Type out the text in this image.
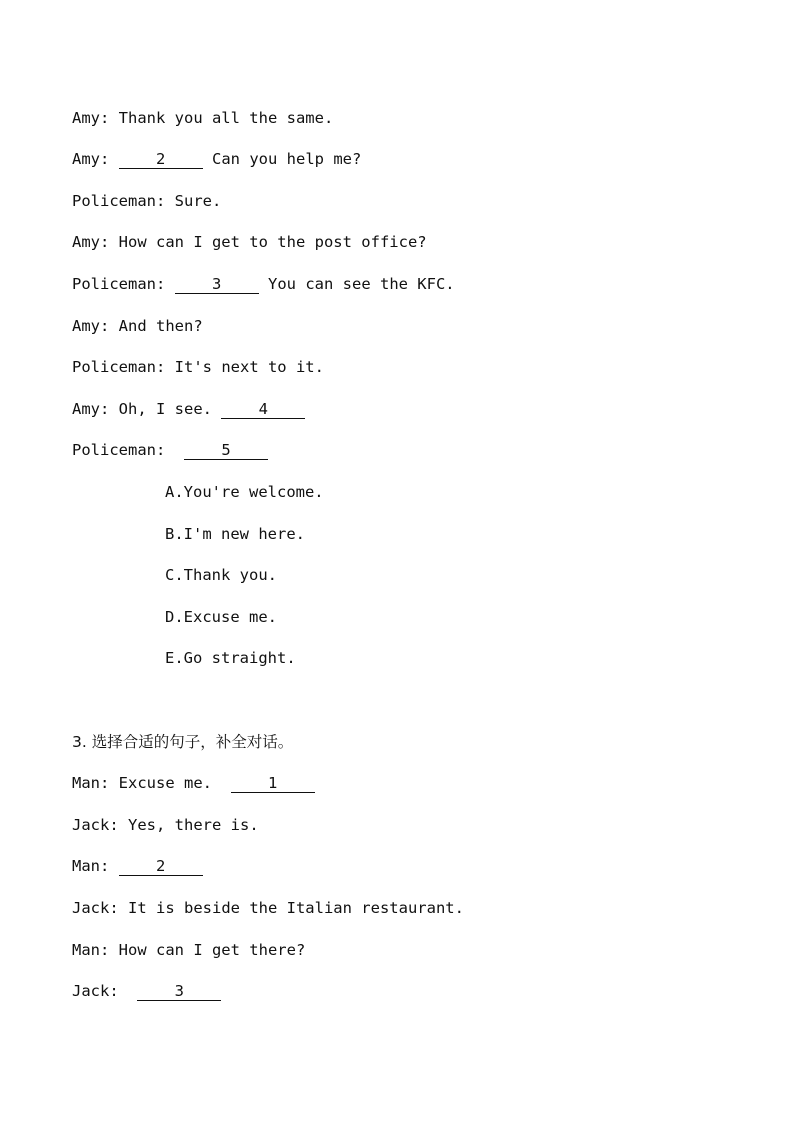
Amy: Thank you all the same.
Amy:	2 Can you help me?
Policeman: Sure.
Amy: How can I get to the post office?
Policeman:	3 You can see the KFC.
Amy: And then?
Policeman: It's next to it.
Amy: Oh, I see. 4
Policeman:	5
A.You're welcome.
B.I'm new here.
C.Thank you.
D.Excuse me.
E.Go straight.
3. 选择合适的句子，补全对话。
Man: Excuse me.  1
Jack: Yes, there is.
Man:	2
Jack: It is beside the Italian restaurant.
Man: How can I get there?
Jack:	3
